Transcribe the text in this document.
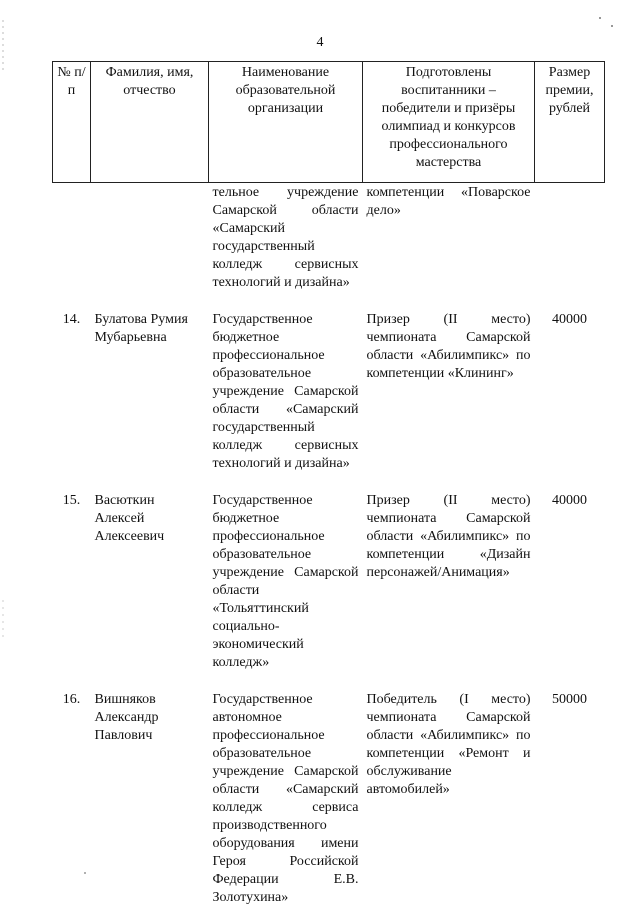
4
№ п/п	Фамилия, имя, отчество	Наименование образовательной организации	Подготовлены воспитанники – победители и призёры олимпиад и конкурсов профессионального мастерства	Размер премии, рублей
		тельное учреждение Самарской области «Самарский государственный колледж сервисных технологий и дизайна»	компетенции «Поварское дело»	
14.	Булатова Румия Мубарьевна	Государственное бюджетное профессиональное образовательное учреждение Самарской области «Самарский государственный колледж сервисных технологий и дизайна»	Призер (II место) чемпионата Самарской области «Абилимпикс» по компетенции «Клининг»	40000
15.	Васюткин Алексей Алексеевич	Государственное бюджетное профессиональное образовательное учреждение Самарской области «Тольяттинский социально-экономический колледж»	Призер (II место) чемпионата Самарской области «Абилимпикс» по компетенции «Дизайн персонажей/Анимация»	40000
16.	Вишняков Александр Павлович	Государственное автономное профессиональное образовательное учреждение Самарской области «Самарский колледж сервиса производственного оборудования имени Героя Российской Федерации Е.В. Золотухина»	Победитель (I место) чемпионата Самарской области «Абилимпикс» по компетенции «Ремонт и обслуживание автомобилей»	50000
